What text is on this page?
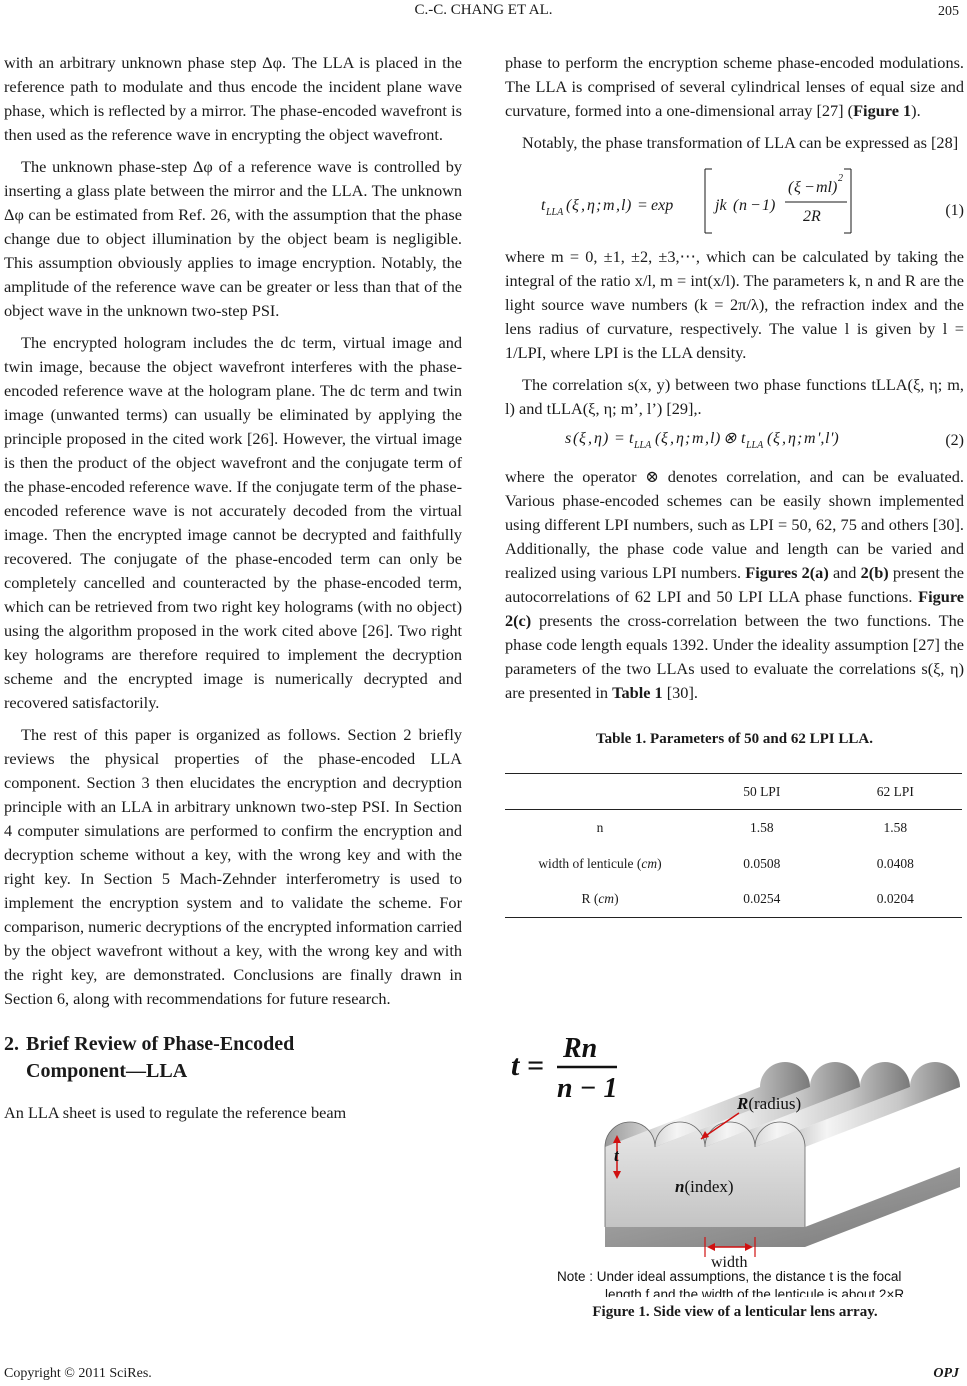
C.-C. CHANG ET AL.	205

with an arbitrary unknown phase step Δφ. The LLA is placed in the reference path to modulate and thus encode the incident plane wave phase, which is reflected by a mirror. The phase-encoded wavefront is then used as the reference wave in encrypting the object wavefront.

The unknown phase-step Δφ of a reference wave is controlled by inserting a glass plate between the mirror and the LLA. The unknown Δφ can be estimated from Ref. 26, with the assumption that the phase change due to object illumination by the object beam is negligible. This assumption obviously applies to image encryption. Notably, the amplitude of the reference wave can be greater or less than that of the object wave in the unknown two-step PSI.

The encrypted hologram includes the dc term, virtual image and twin image, because the object wavefront interferes with the phase-encoded reference wave at the hologram plane. The dc term and twin image (unwanted terms) can usually be eliminated by applying the principle proposed in the cited work [26]. However, the virtual image is then the product of the object wavefront and the conjugate term of the phase-encoded reference wave. If the conjugate term of the phase-encoded reference wave is not accurately decoded from the virtual image. Then the encrypted image cannot be decrypted and faithfully recovered. The conjugate of the phase-encoded term can only be completely cancelled and counteracted by the phase-encoded term, which can be retrieved from two right key holograms (with no object) using the algorithm proposed in the work cited above [26]. Two right key holograms are therefore required to implement the decryption scheme and the encrypted image is numerically decrypted and recovered satisfactorily.

The rest of this paper is organized as follows. Section 2 briefly reviews the physical properties of the phase-encoded LLA component. Section 3 then elucidates the encryption and decryption principle with an LLA in arbitrary unknown two-step PSI. In Section 4 computer simulations are performed to confirm the encryption and decryption scheme without a key, with the wrong key and with the right key. In Section 5 Mach-Zehnder interferometry is used to implement the encryption system and to validate the scheme. For comparison, numeric decryptions of the encrypted information carried by the object wavefront without a key, with the wrong key and with the right key, are demonstrated. Conclusions are finally drawn in Section 6, along with recommendations for future research.

2. Brief Review of Phase-Encoded
Component—LLA

An LLA sheet is used to regulate the reference beam

phase to perform the encryption scheme phase-encoded modulations. The LLA is comprised of several cylindrical lenses of equal size and curvature, formed into a one-dimensional array [27] (Figure 1).

Notably, the phase transformation of LLA can be expressed as [28]

t LLA ( ξ , η ; m , l ) = exp	jk ( n − 1)
( ξ − ml )
2
2R	(1)

where m = 0, ±1, ±2, ±3,⋯, which can be calculated by taking the integral of the ratio x/l, m = int(x/l). The parameters k, n and R are the light source wave numbers (k = 2π/λ), the refraction index and the lens radius of curvature, respectively. The value l is given by l = 1/LPI, where LPI is the LLA density.

The correlation s(x, y) between two phase functions tLLA(ξ, η; m, l) and tLLA(ξ, η; m’, l’) [29],.

s ( ξ , η ) = t LLA ( ξ , η ; m , l ) ⊗ t LLA ( ξ , η ; m ', l ')	(2)

where the operator ⊗ denotes correlation, and can be evaluated. Various phase-encoded schemes can be easily shown implemented using different LPI numbers, such as LPI = 50, 62, 75 and others [30]. Additionally, the phase code value and length can be varied and realized using various LPI numbers. Figures 2(a) and 2(b) present the autocorrelations of 62 LPI and 50 LPI LLA phase functions. Figure 2(c) presents the cross-correlation between the two functions. The phase code length equals 1392. Under the ideality assumption [27] the parameters of the two LLAs used to evaluate the correlations s(ξ, η) are presented in Table 1 [30].

Table 1. Parameters of 50 and 62 LPI LLA.
	50 LPI	62 LPI
n	1.58	1.58
width of lenticule (cm)	0.0508	0.0408
R (cm)	0.0254	0.0204
t =
Rn
n − 1	R(radius)
t
n(index)
width
Note : Under ideal assumptions, the distance t is the focal
length f and the width of the lenticule is about 2×R
Figure 1. Side view of a lenticular lens array.
Copyright © 2011 SciRes.	OPJ
